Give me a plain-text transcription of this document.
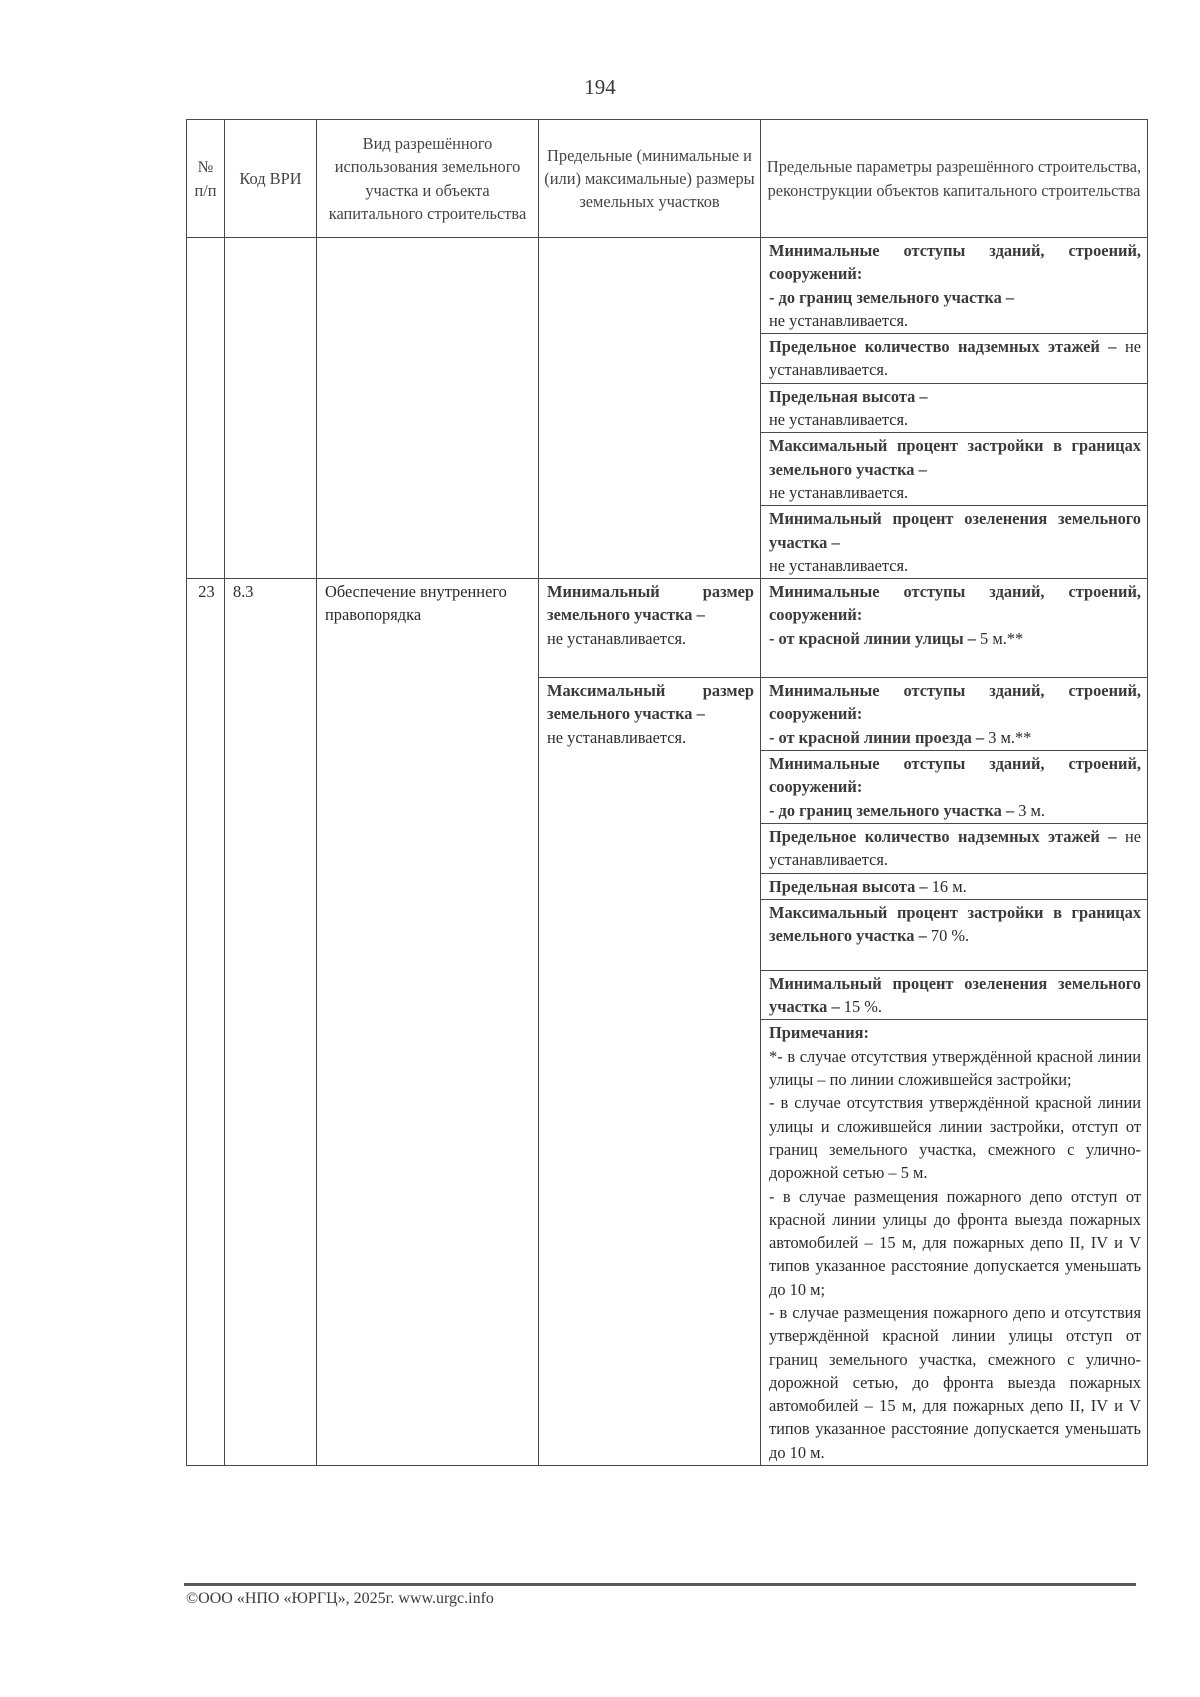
194
№ п/п	Код ВРИ	Вид разрешённого использования земельного участка и объекта капитального строительства	Предельные (минимальные и (или) максимальные) размеры земельных участков	Предельные параметры разрешённого строительства, реконструкции объектов капитального строительства
				Минимальные отступы зданий, строений, сооружений:
- до границ земельного участка –
не устанавливается.
				Предельное количество надземных этажей – не устанавливается.
				Предельная высота –
не устанавливается.
				Максимальный процент застройки в границах земельного участка –
не устанавливается.
				Минимальный процент озеленения земельного участка –
не устанавливается.
23	8.3	Обеспечение внутреннего правопорядка	Минимальный размер земельного участка –
не устанавливается.	Минимальные отступы зданий, строений, сооружений:
- от красной линии улицы – 5 м.**
			Максимальный размер земельного участка –
не устанавливается.	Минимальные отступы зданий, строений, сооружений:
- от красной линии проезда – 3 м.**
				Минимальные отступы зданий, строений, сооружений:
- до границ земельного участка – 3 м.
				Предельное количество надземных этажей – не устанавливается.
				Предельная высота – 16 м.
				Максимальный процент застройки в границах земельного участка – 70 %.
				Минимальный процент озеленения земельного участка – 15 %.
				Примечания:
*- в случае отсутствия утверждённой красной линии улицы – по линии сложившейся застройки;
- в случае отсутствия утверждённой красной линии улицы и сложившейся линии застройки, отступ от границ земельного участка, смежного с улично-дорожной сетью – 5 м.
- в случае размещения пожарного депо отступ от красной линии улицы до фронта выезда пожарных автомобилей – 15 м, для пожарных депо II, IV и V типов указанное расстояние допускается уменьшать до 10 м;
- в случае размещения пожарного депо и отсутствия утверждённой красной линии улицы отступ от границ земельного участка, смежного с улично-дорожной сетью, до фронта выезда пожарных автомобилей – 15 м, для пожарных депо II, IV и V типов указанное расстояние допускается уменьшать до 10 м.
©ООО «НПО «ЮРГЦ», 2025г. www.urgc.info
